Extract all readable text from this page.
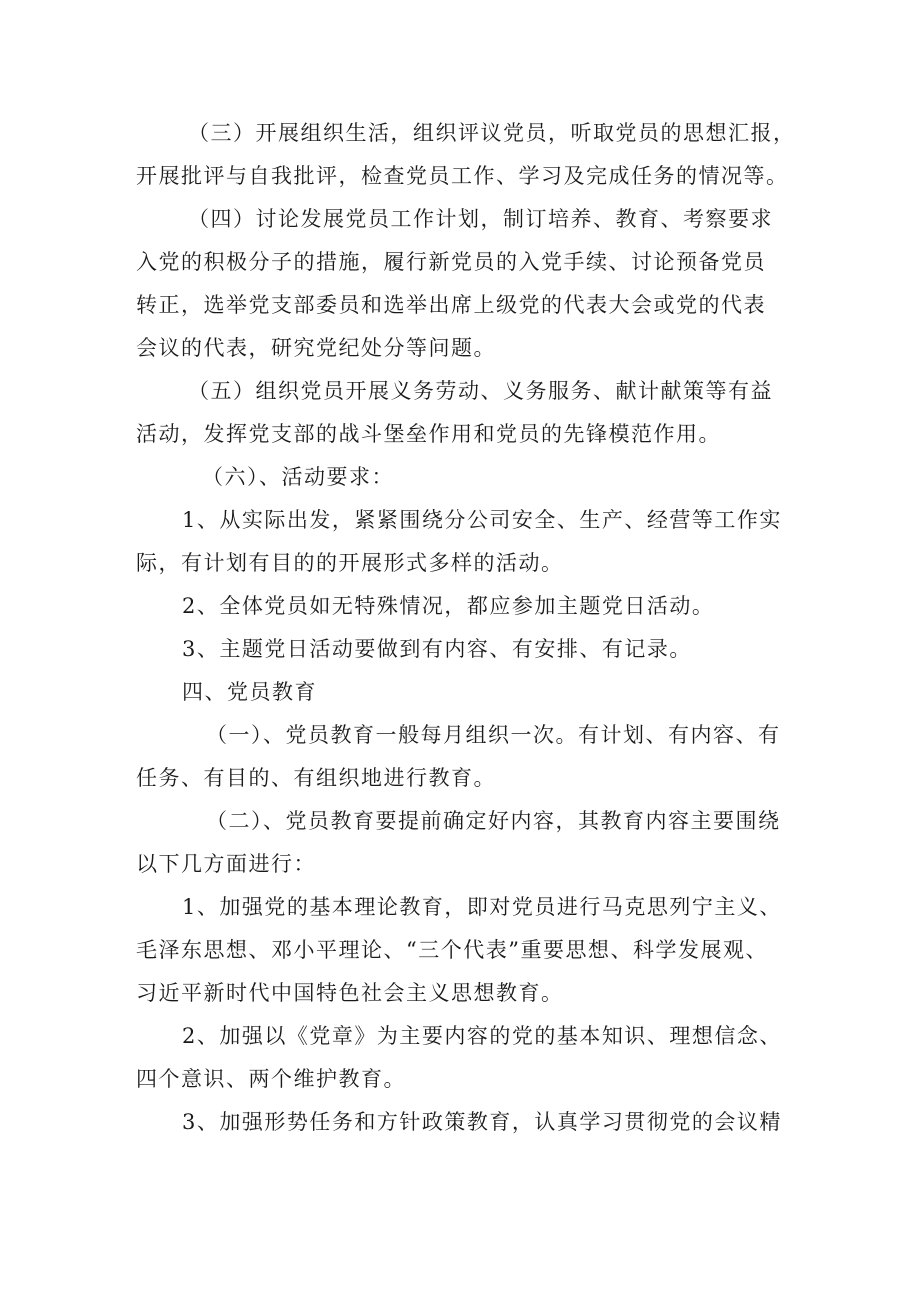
（三）开展组织生活，组织评议党员，听取党员的思想汇报，

开展批评与自我批评，检查党员工作、学习及完成任务的情况等。

（四）讨论发展党员工作计划，制订培养、教育、考察要求

入党的积极分子的措施，履行新党员的入党手续、讨论预备党员

转正，选举党支部委员和选举出席上级党的代表大会或党的代表

会议的代表，研究党纪处分等问题。

（五）组织党员开展义务劳动、义务服务、献计献策等有益

活动，发挥党支部的战斗堡垒作用和党员的先锋模范作用。

（六）、活动要求：

1、从实际出发，紧紧围绕分公司安全、生产、经营等工作实

际，有计划有目的的开展形式多样的活动。

2、全体党员如无特殊情况，都应参加主题党日活动。

3、主题党日活动要做到有内容、有安排、有记录。

四、党员教育

（一）、党员教育一般每月组织一次。有计划、有内容、有

任务、有目的、有组织地进行教育。

（二）、党员教育要提前确定好内容，其教育内容主要围绕

以下几方面进行：

1、加强党的基本理论教育，即对党员进行马克思列宁主义、

毛泽东思想、邓小平理论、“三个代表”重要思想、科学发展观、

习近平新时代中国特色社会主义思想教育。

2、加强以《党章》为主要内容的党的基本知识、理想信念、

四个意识、两个维护教育。

3、加强形势任务和方针政策教育，认真学习贯彻党的会议精
